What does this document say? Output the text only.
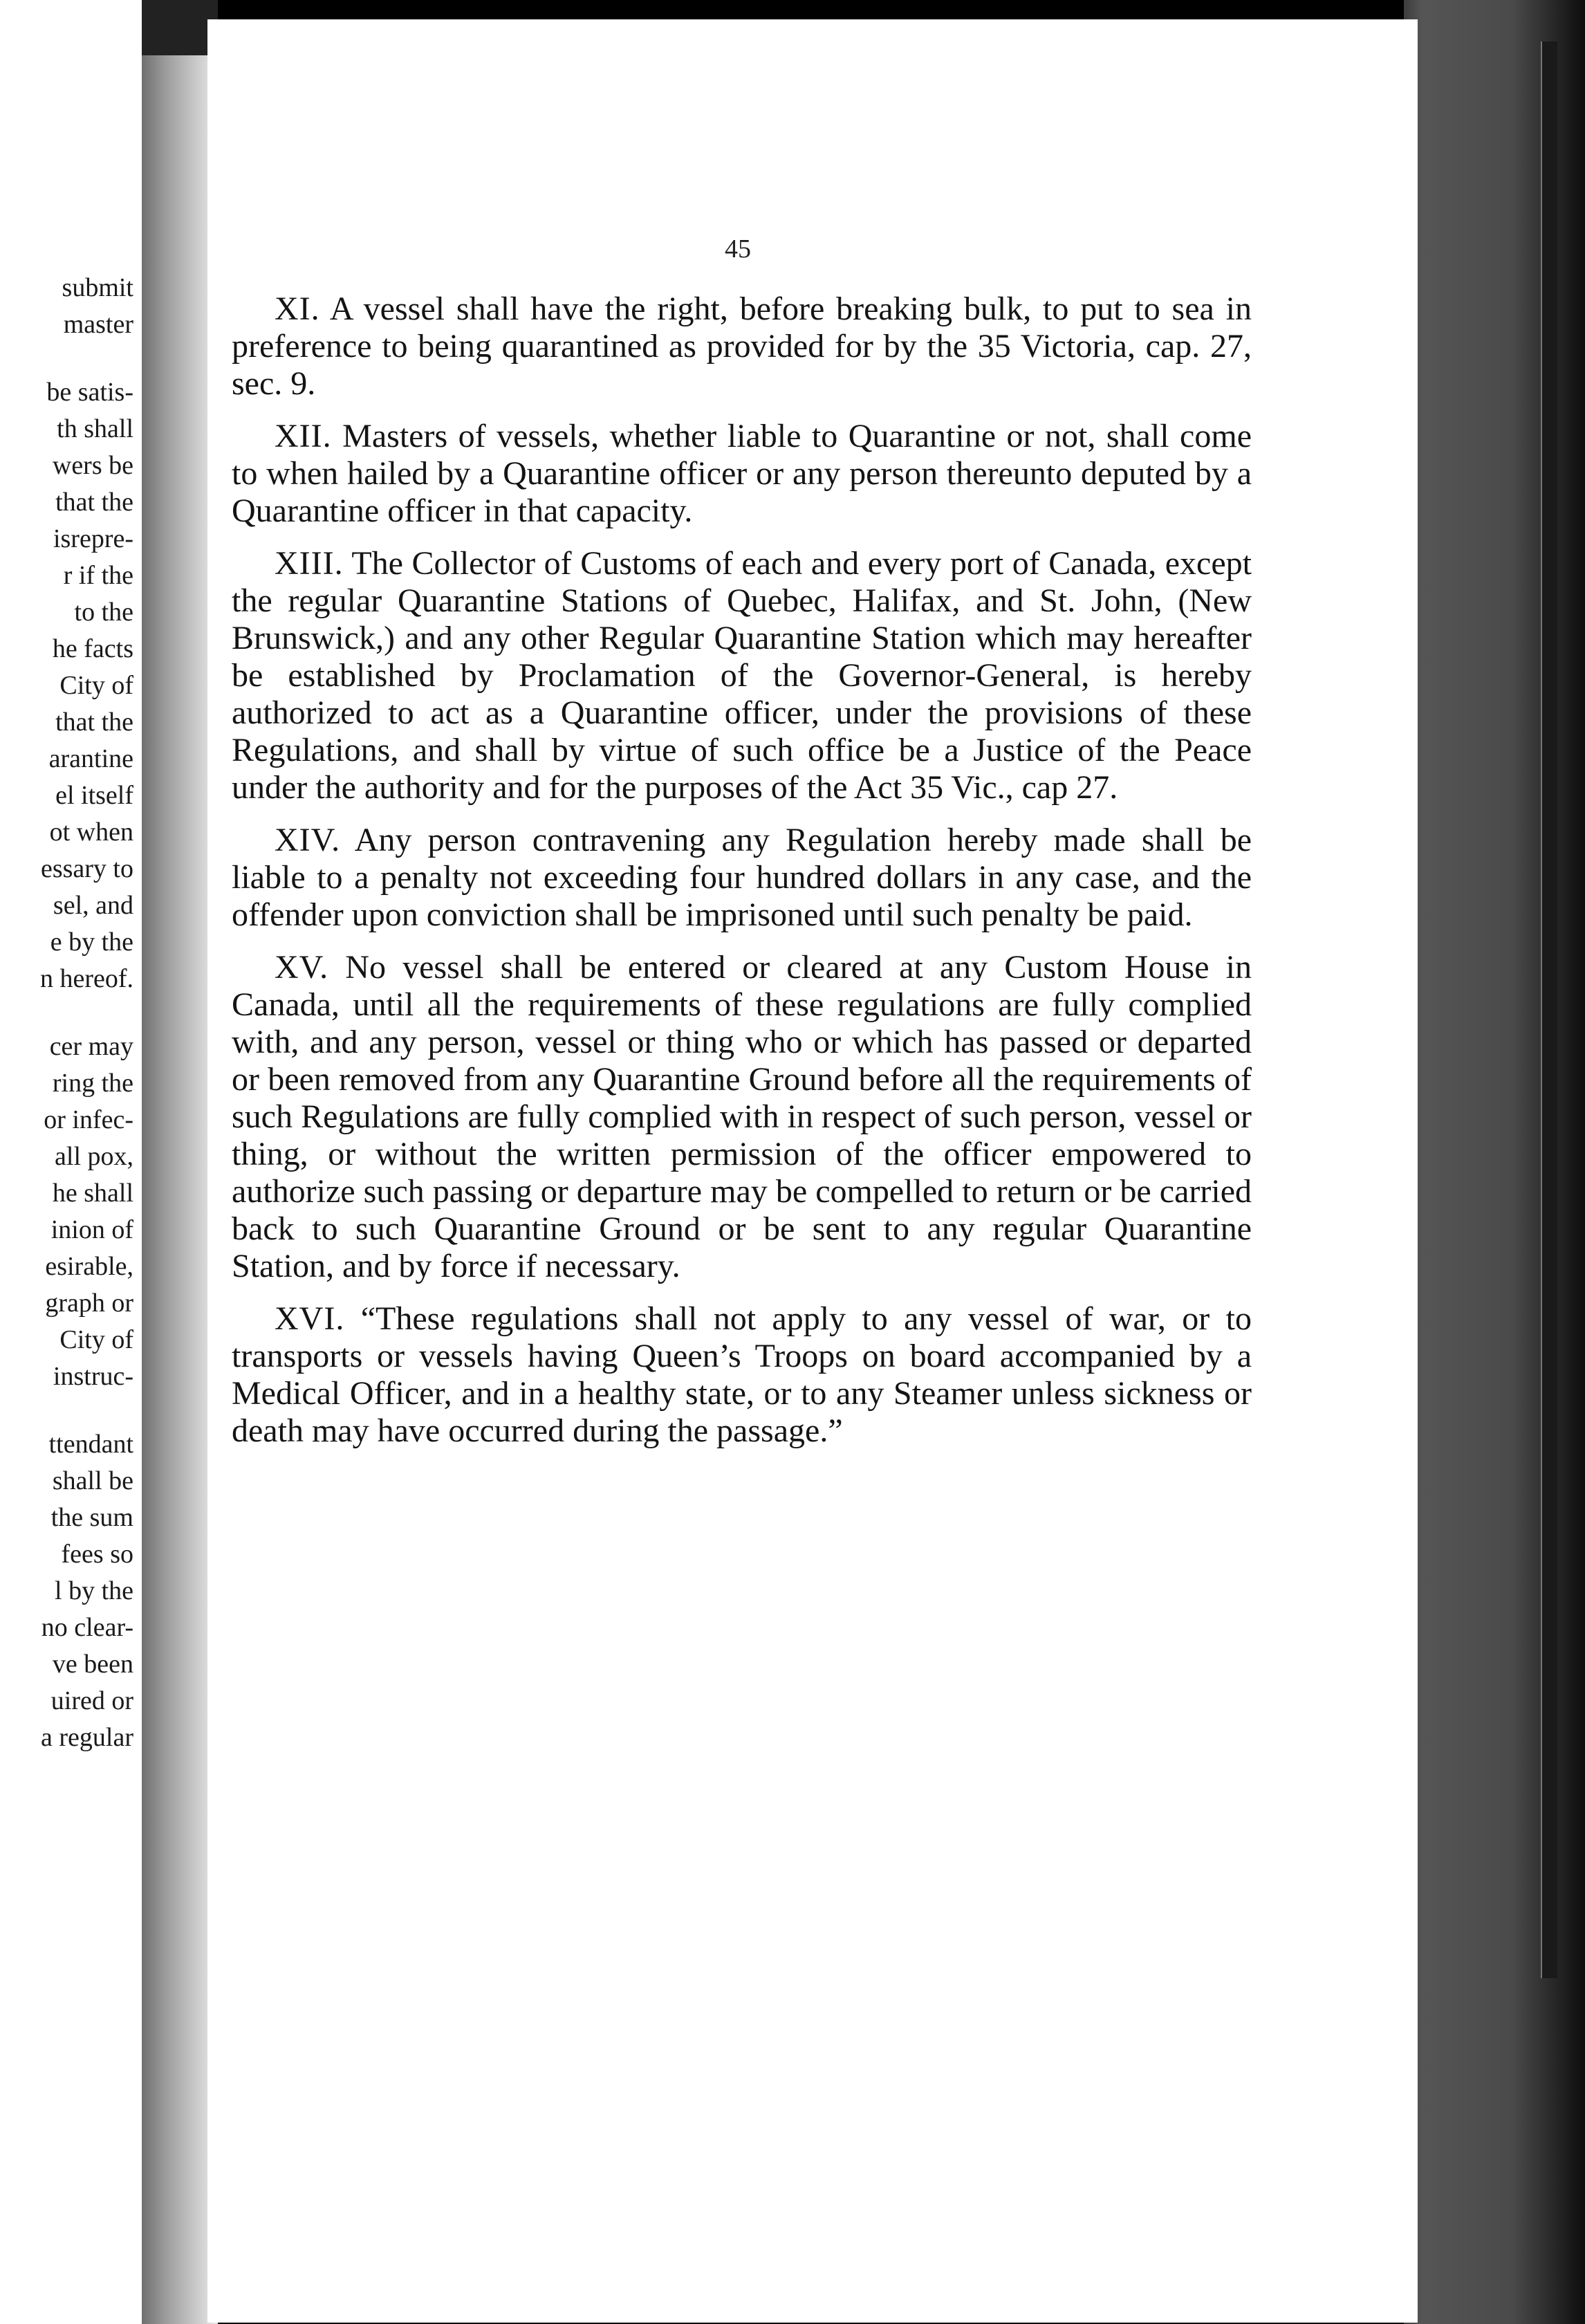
submit
master
be satis-
th shall
wers be
that the
isrepre-
r if the
to the
he facts
City of
that the
arantine
el itself
ot when
essary to
sel, and
e by the
n hereof.
cer may
ring the
or infec-
all pox,
he shall
inion of
esirable,
graph or
City of
instruc-
ttendant
shall be
the sum
fees so
l by the
no clear-
ve been
uired or
a regular
45

XI. A vessel shall have the right, before breaking bulk, to put to sea in preference to being quarantined as provided for by the 35 Victoria, cap. 27, sec. 9.

XII. Masters of vessels, whether liable to Quarantine or not, shall come to when hailed by a Quarantine officer or any person thereunto deputed by a Quarantine officer in that capacity.

XIII. The Collector of Customs of each and every port of Canada, except the regular Quarantine Stations of Quebec, Halifax, and St. John, (New Brunswick,) and any other Regular Quarantine Station which may hereafter be established by Proclamation of the Governor-General, is hereby authorized to act as a Quarantine officer, under the provisions of these Regulations, and shall by virtue of such office be a Justice of the Peace under the authority and for the purposes of the Act 35 Vic., cap 27.

XIV. Any person contravening any Regulation hereby made shall be liable to a penalty not exceeding four hundred dollars in any case, and the offender upon conviction shall be imprisoned until such penalty be paid.

XV. No vessel shall be entered or cleared at any Custom House in Canada, until all the requirements of these regulations are fully complied with, and any person, vessel or thing who or which has passed or departed or been removed from any Quarantine Ground before all the requirements of such Regulations are fully complied with in respect of such person, vessel or thing, or without the written permission of the officer empowered to authorize such passing or departure may be compelled to return or be carried back to such Quarantine Ground or be sent to any regular Quarantine Station, and by force if necessary.

XVI. “These regulations shall not apply to any vessel of war, or to transports or vessels having Queen’s Troops on board accompanied by a Medical Officer, and in a healthy state, or to any Steamer unless sickness or death may have occurred during the passage.”
